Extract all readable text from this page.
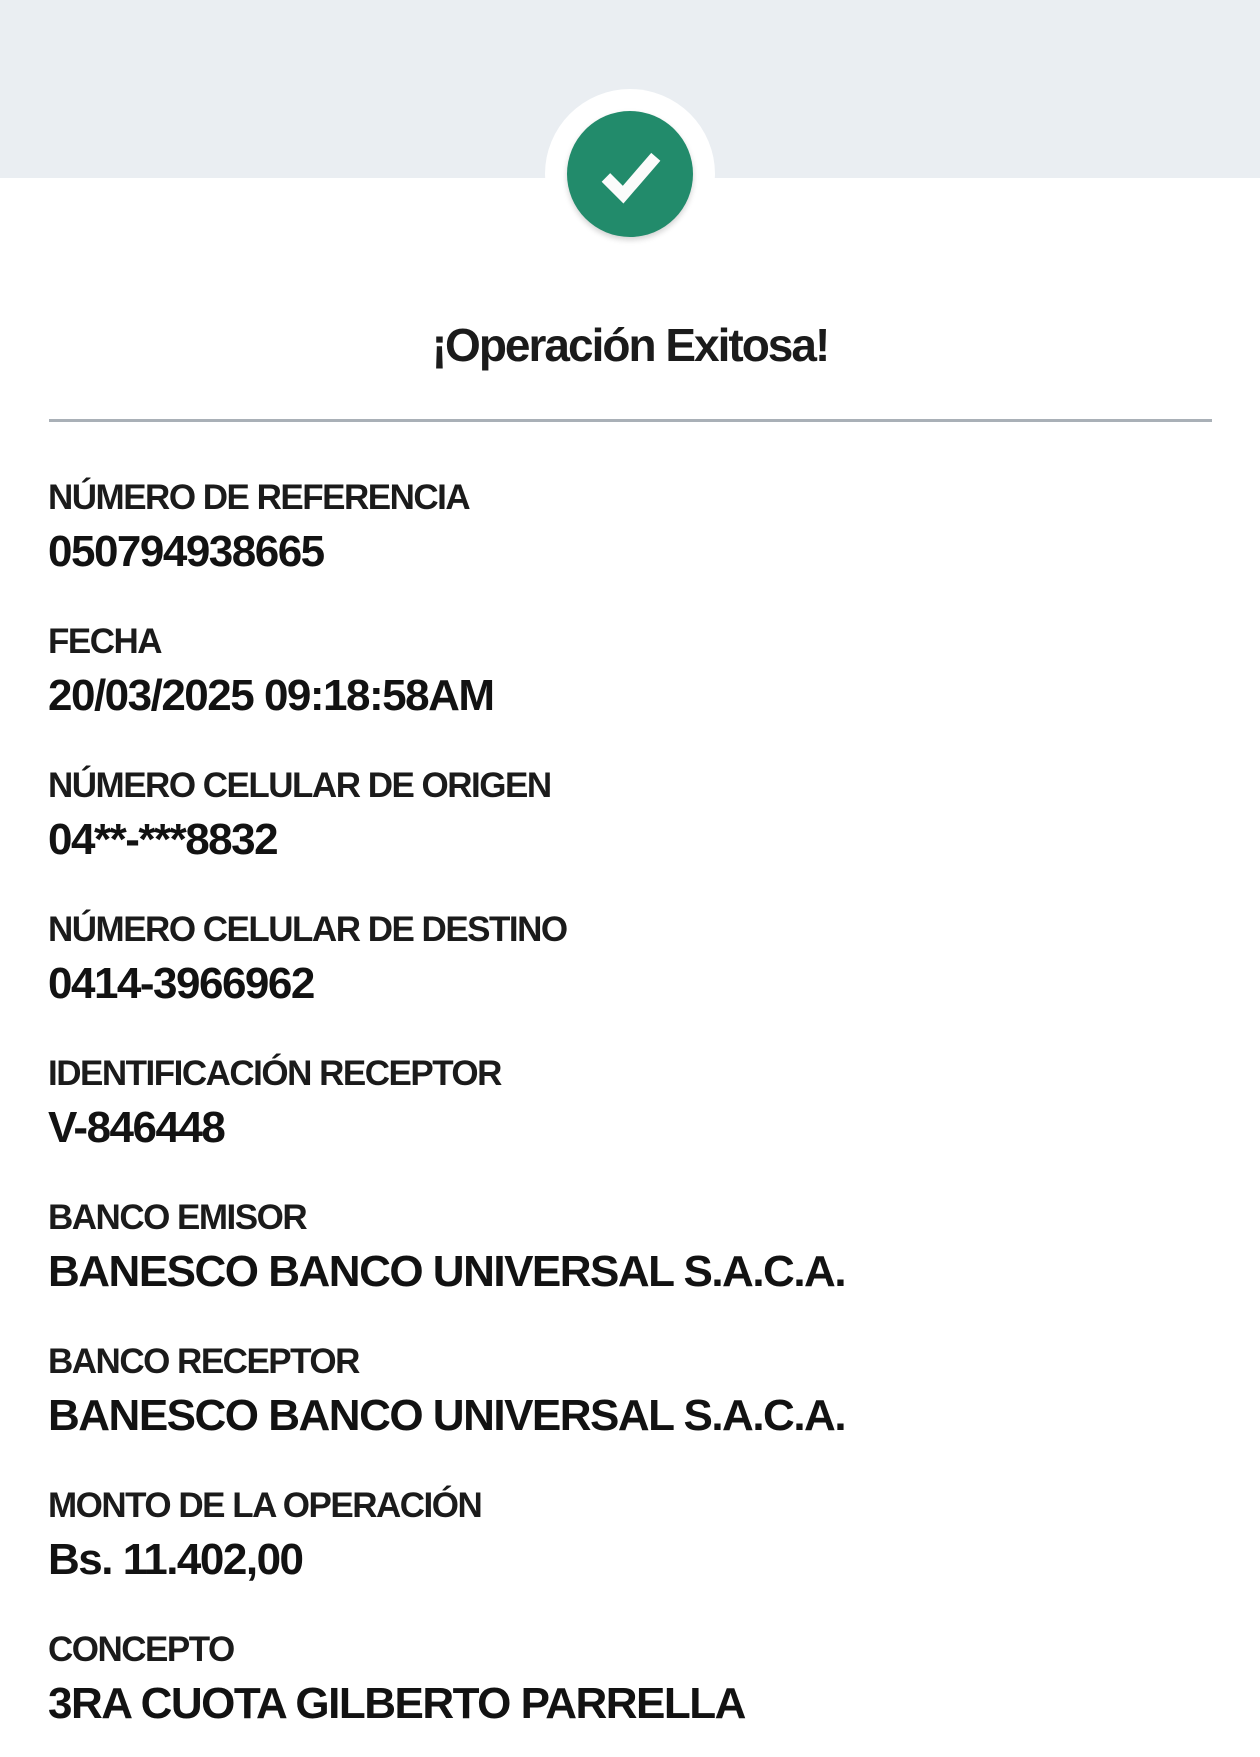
¡Operación Exitosa!
NÚMERO DE REFERENCIA
050794938665
FECHA
20/03/2025 09:18:58AM
NÚMERO CELULAR DE ORIGEN
04**-***8832
NÚMERO CELULAR DE DESTINO
0414-3966962
IDENTIFICACIÓN RECEPTOR
V-846448
BANCO EMISOR
BANESCO BANCO UNIVERSAL S.A.C.A.
BANCO RECEPTOR
BANESCO BANCO UNIVERSAL S.A.C.A.
MONTO DE LA OPERACIÓN
Bs. 11.402,00
CONCEPTO
3RA CUOTA GILBERTO PARRELLA
